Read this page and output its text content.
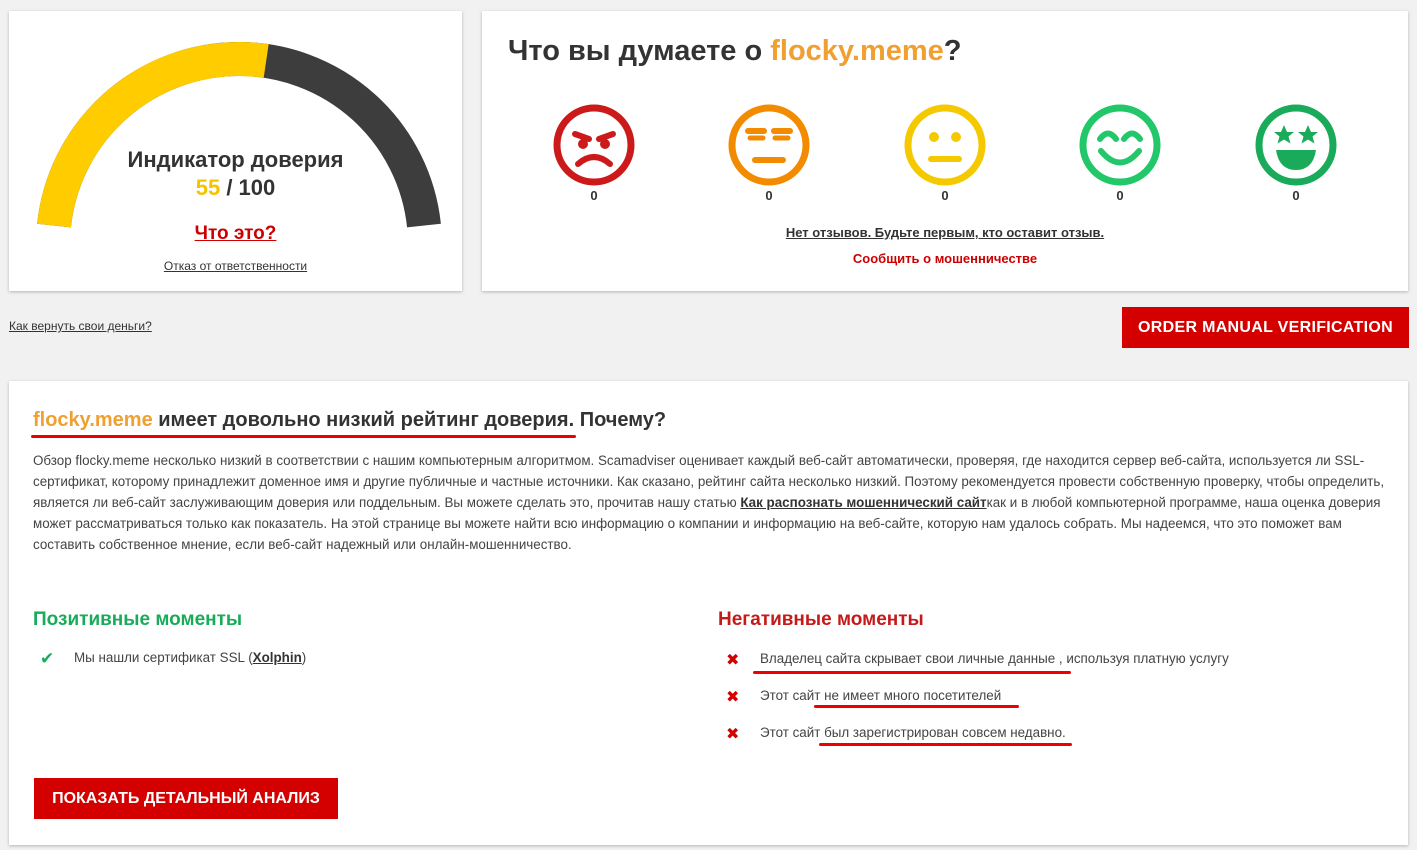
Индикатор доверия
55 / 100
Что это?
Отказ от ответственности
Что вы думаете о flocky.meme?
0	0	0	0	0
Нет отзывов. Будьте первым, кто оставит отзыв.
Сообщить о мошенничестве
Как вернуть свои деньги?	ORDER MANUAL VERIFICATION
flocky.meme имеет довольно низкий рейтинг доверия. Почему?

Обзор flocky.meme несколько низкий в соответствии с нашим компьютерным алгоритмом. Scamadviser оценивает каждый веб-сайт автоматически, проверяя, где находится сервер веб-сайта, используется ли SSL-сертификат, которому принадлежит доменное имя и другие публичные и частные источники. Как сказано, рейтинг сайта несколько низкий. Поэтому рекомендуется провести собственную проверку, чтобы определить, является ли веб-сайт заслуживающим доверия или поддельным. Вы можете сделать это, прочитав нашу статью Как распознать мошеннический сайткак и в любой компьютерной программе, наша оценка доверия может рассматриваться только как показатель. На этой странице вы можете найти всю информацию о компании и информацию на веб-сайте, которую нам удалось собрать. Мы надеемся, что это поможет вам составить собственное мнение, если веб-сайт надежный или онлайн-мошенничество.

Позитивные моменты
✔ Мы нашли сертификат SSL (Xolphin)
Негативные моменты
✖ Владелец сайта скрывает свои личные данные , используя платную услугу
✖ Этот сайт не имеет много посетителей
✖ Этот сайт был зарегистрирован совсем недавно.
ПОКАЗАТЬ ДЕТАЛЬНЫЙ АНАЛИЗ
